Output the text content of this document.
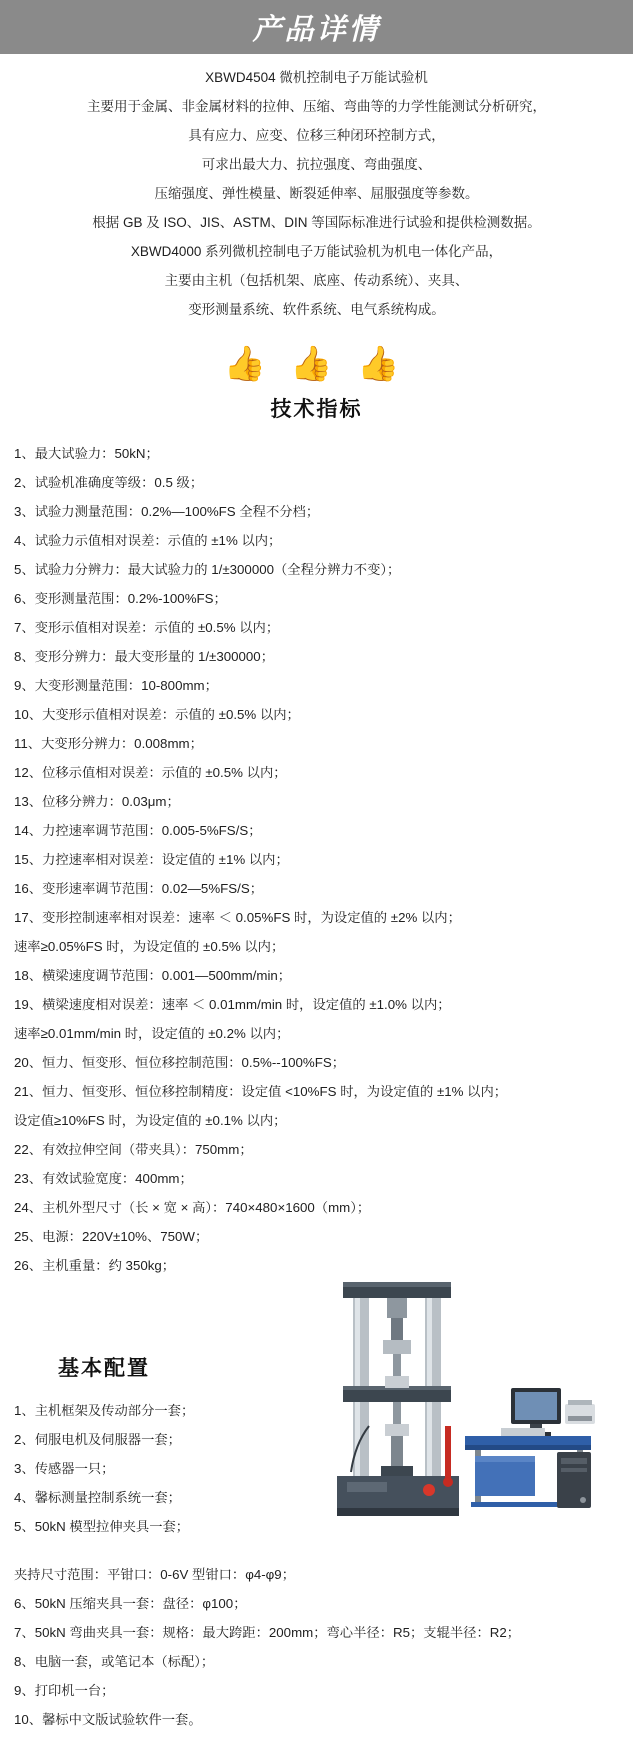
产品详情

XBWD4504 微机控制电子万能试验机

主要用于金属、非金属材料的拉伸、压缩、弯曲等的力学性能测试分析研究，

具有应力、应变、位移三种闭环控制方式，

可求出最大力、抗拉强度、弯曲强度、

压缩强度、弹性模量、断裂延伸率、屈服强度等参数。

根据 GB 及 ISO、JIS、ASTM、DIN 等国际标准进行试验和提供检测数据。

XBWD4000 系列微机控制电子万能试验机为机电一体化产品，

主要由主机（包括机架、底座、传动系统）、夹具、

变形测量系统、软件系统、电气系统构成。

👍 👍 👍
技术指标
1、最大试验力：50kN；
2、试验机准确度等级：0.5 级；
3、试验力测量范围：0.2%—100%FS 全程不分档；
4、试验力示值相对误差：示值的 ±1% 以内；
5、试验力分辨力：最大试验力的 1/±300000（全程分辨力不变）；
6、变形测量范围：0.2%-100%FS；
7、变形示值相对误差：示值的 ±0.5% 以内；
8、变形分辨力：最大变形量的 1/±300000；
9、大变形测量范围：10-800mm；
10、大变形示值相对误差：示值的 ±0.5% 以内；
11、大变形分辨力：0.008mm；
12、位移示值相对误差：示值的 ±0.5% 以内；
13、位移分辨力：0.03μm；
14、力控速率调节范围：0.005-5%FS/S；
15、力控速率相对误差：设定值的 ±1% 以内；
16、变形速率调节范围：0.02—5%FS/S；
17、变形控制速率相对误差：速率 ＜ 0.05%FS 时，为设定值的 ±2% 以内；
速率≥0.05%FS 时，为设定值的 ±0.5% 以内；
18、横梁速度调节范围：0.001—500mm/min；
19、横梁速度相对误差：速率 ＜ 0.01mm/min 时，设定值的 ±1.0% 以内；
速率≥0.01mm/min 时，设定值的 ±0.2% 以内；
20、恒力、恒变形、恒位移控制范围：0.5%--100%FS；
21、恒力、恒变形、恒位移控制精度：设定值 <10%FS 时，为设定值的 ±1% 以内；
设定值≥10%FS 时，为设定值的 ±0.1% 以内；
22、有效拉伸空间（带夹具）：750mm；
23、有效试验宽度：400mm；
24、主机外型尺寸（长 × 宽 × 高）：740×480×1600（mm）；
25、电源：220V±10%、750W；
26、主机重量：约 350kg；
基本配置
1、主机框架及传动部分一套；
2、伺服电机及伺服器一套；
3、传感器一只；
4、馨标测量控制系统一套；
5、50kN 模型拉伸夹具一套；
夹持尺寸范围：平钳口：0-6V 型钳口：φ4-φ9；
6、50kN 压缩夹具一套：盘径：φ100；
7、50kN 弯曲夹具一套：规格：最大跨距：200mm；弯心半径：R5；支辊半径：R2；
8、电脑一套，或笔记本（标配）；
9、打印机一台；
10、馨标中文版试验软件一套。
